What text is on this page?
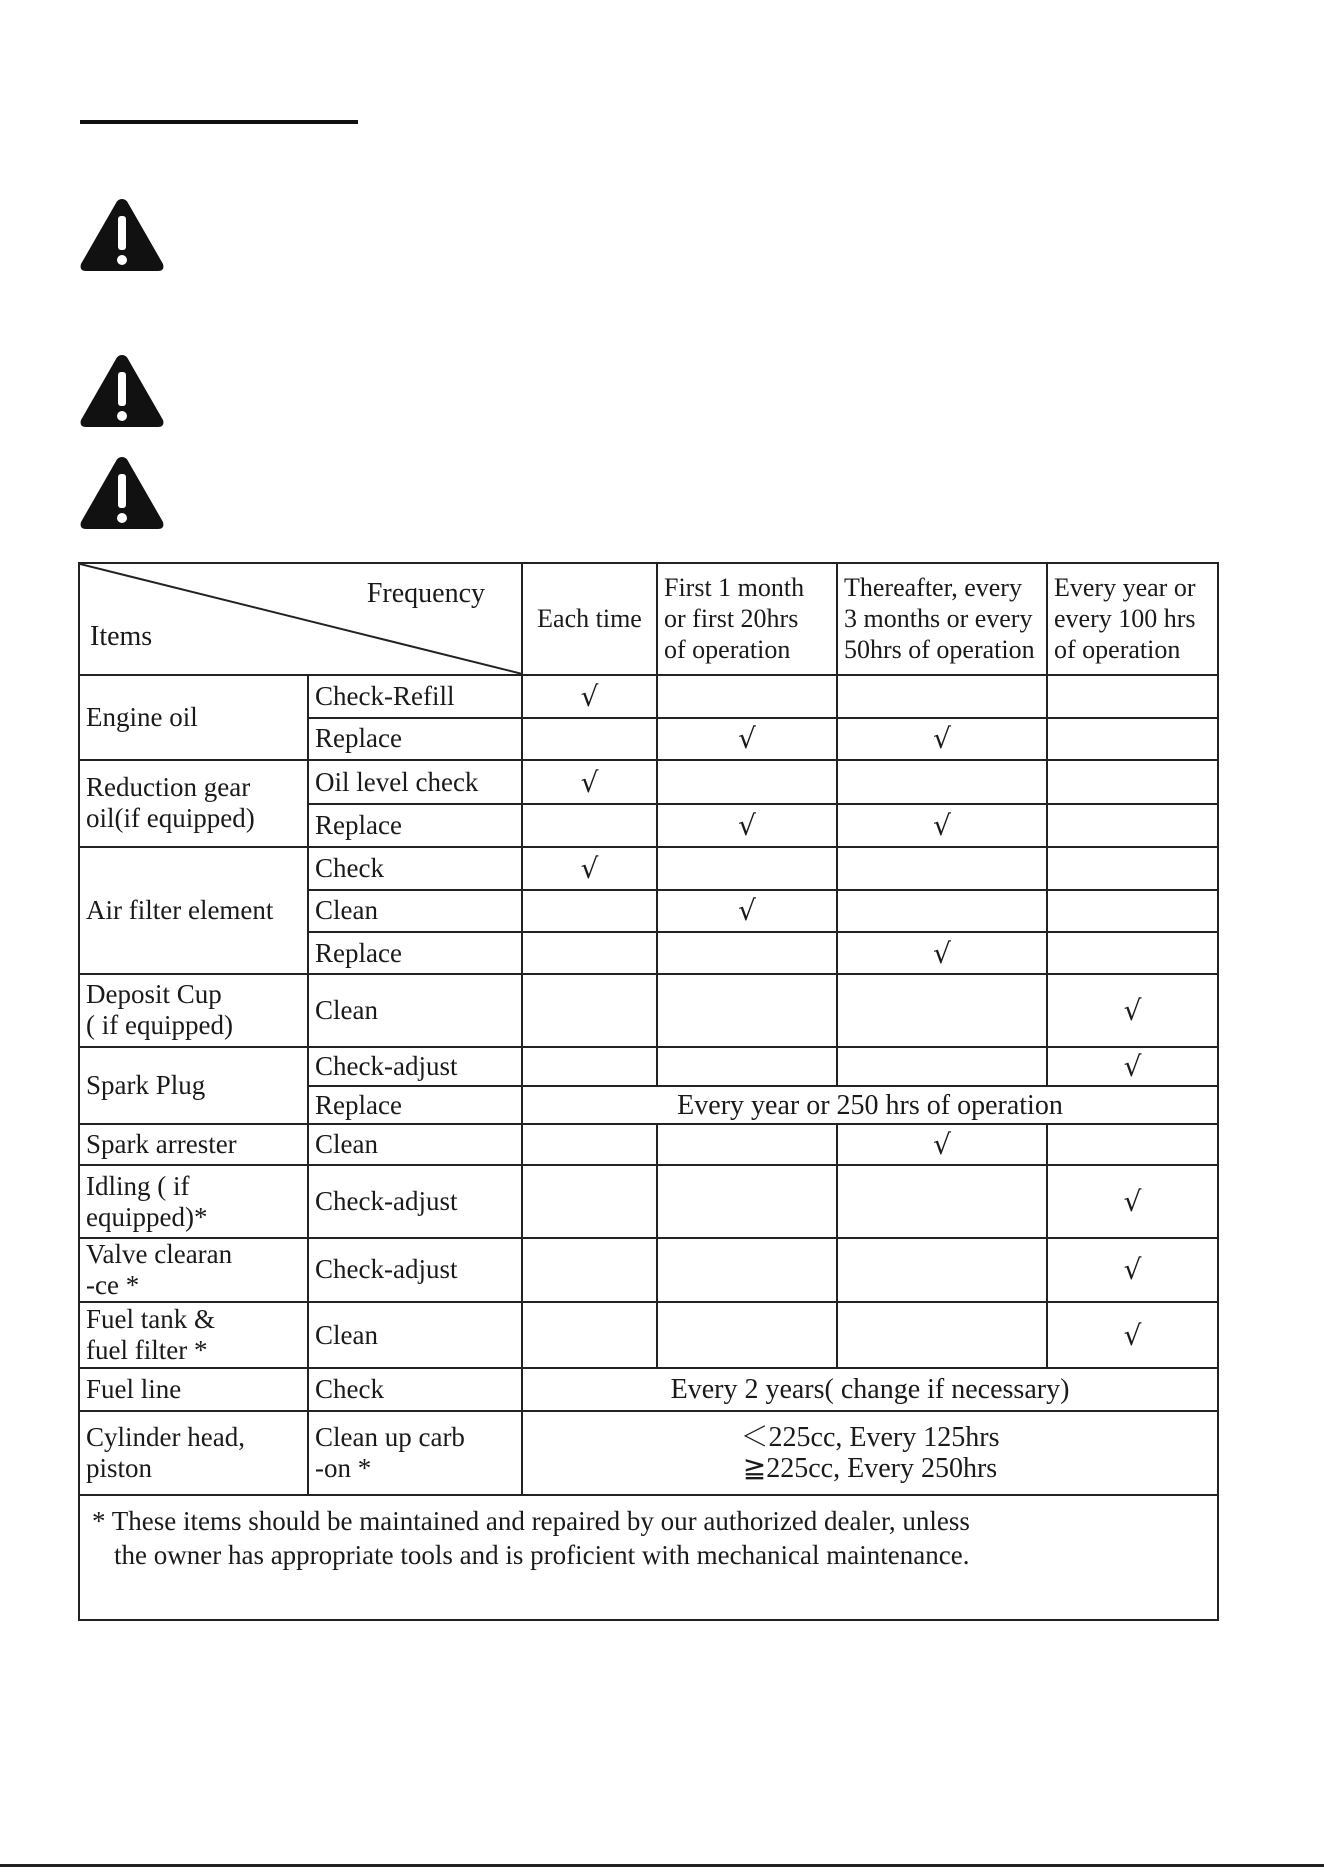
Frequency
Items		Each time	First 1 month
or first 20hrs
of operation	Thereafter, every
3 months or every
50hrs of operation	Every year or
every 100 hrs
of operation
Engine oil	Check-Refill	√			
	Replace		√	√	
Reduction gear
oil(if equipped)	Oil level check	√			
	Replace		√	√	
Air filter element	Check	√			
	Clean		√		
	Replace			√	
Deposit Cup
( if equipped)	Clean				√
Spark Plug	Check-adjust				√
	Replace	Every year or 250 hrs of operation			
Spark arrester	Clean			√	
Idling ( if
equipped)*	Check-adjust				√
Valve clearan
-ce *	Check-adjust				√
Fuel tank &
fuel filter *	Clean				√
Fuel line	Check	Every 2 years( change if necessary)			
Cylinder head,
piston	Clean up carb
-on *	＜225cc, Every 125hrs
≧225cc, Every 250hrs			

* These items should be maintained and repaired by our authorized dealer, unless
the owner has appropriate tools and is proficient with mechanical maintenance.					
